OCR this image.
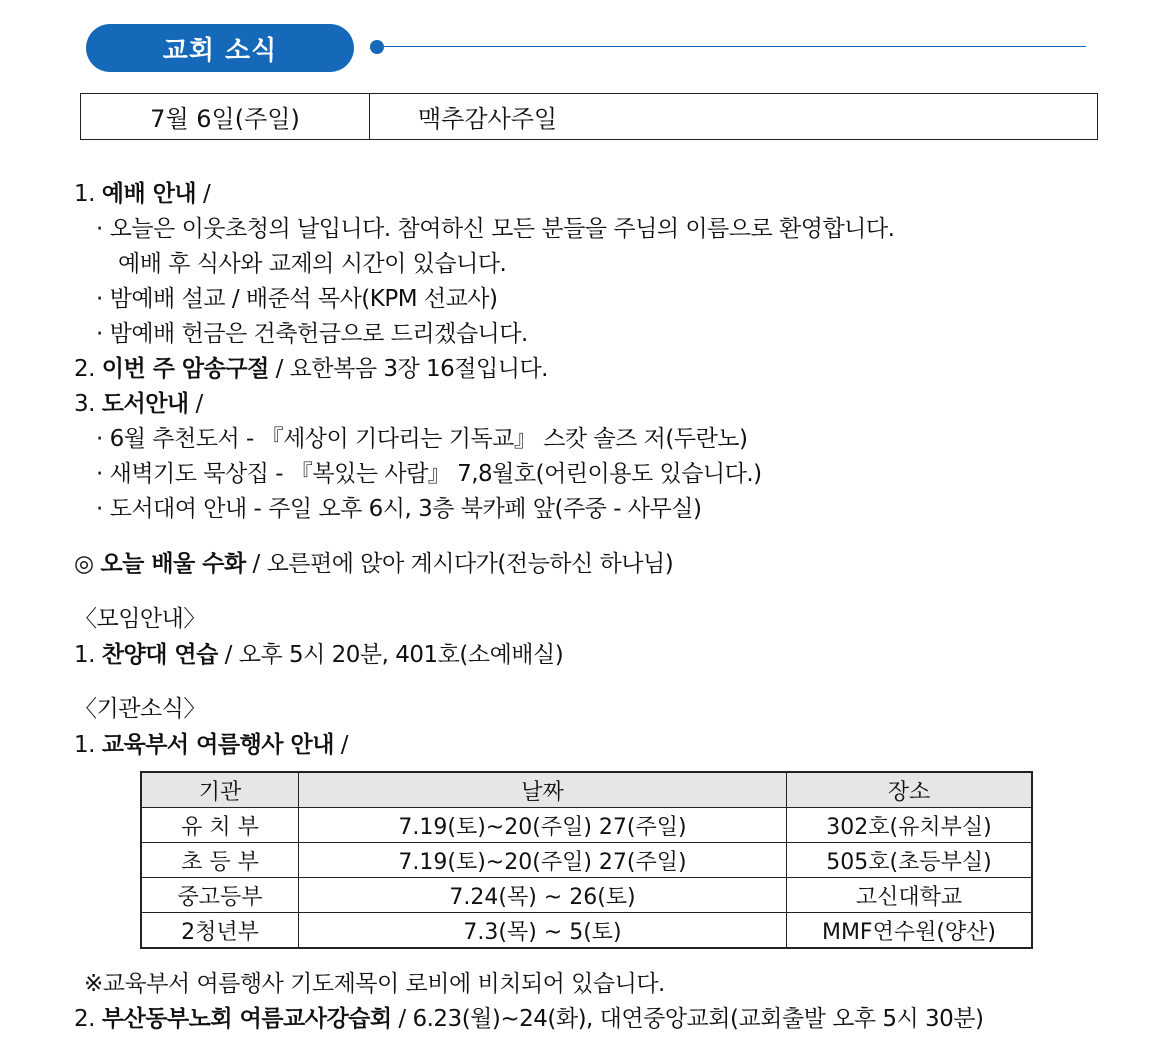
교회 소식
7월 6일(주일)	맥추감사주일
1. 예배 안내 /
· 오늘은 이웃초청의 날입니다. 참여하신 모든 분들을 주님의 이름으로 환영합니다.
예배 후 식사와 교제의 시간이 있습니다.
· 밤예배 설교 / 배준석 목사(KPM 선교사)
· 밤예배 헌금은 건축헌금으로 드리겠습니다.
2. 이번 주 암송구절 / 요한복음 3장 16절입니다.
3. 도서안내 /
· 6월 추천도서 - 『세상이 기다리는 기독교』 스캇 솔즈 저(두란노)
· 새벽기도 묵상집 - 『복있는 사람』 7,8월호(어린이용도 있습니다.)
· 도서대여 안내 - 주일 오후 6시, 3층 북카페 앞(주중 - 사무실)
◎ 오늘 배울 수화 / 오른편에 앉아 계시다가(전능하신 하나님)
〈모임안내〉
1. 찬양대 연습 / 오후 5시 20분, 401호(소예배실)
〈기관소식〉
1. 교육부서 여름행사 안내 /
기관	날짜	장소
유 치 부	7.19(토)~20(주일) 27(주일)	302호(유치부실)
초 등 부	7.19(토)~20(주일) 27(주일)	505호(초등부실)
중고등부	7.24(목) ~ 26(토)	고신대학교
2청년부	7.3(목) ~ 5(토)	MMF연수원(양산)
※교육부서 여름행사 기도제목이 로비에 비치되어 있습니다.
2. 부산동부노회 여름교사강습회 / 6.23(월)~24(화), 대연중앙교회(교회출발 오후 5시 30분)
